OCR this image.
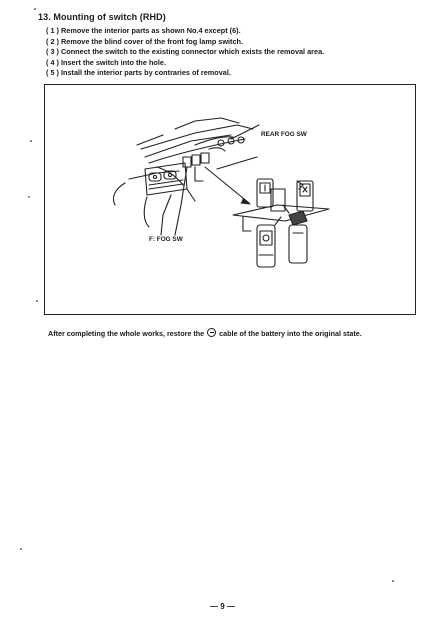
13. Mounting of switch (RHD)
( 1 ) Remove the interior parts as shown No.4 except (6).
( 2 ) Remove the blind cover of the front fog lamp switch.
( 3 ) Connect the switch to the existing connector which exists the removal area.
( 4 ) Insert the switch into the hole.
( 5 ) Install the interior parts by contraries of removal.
REAR FOG SW
F: FOG SW
After completing the whole works, restore the  cable of the battery into the original state.
— 9 —
